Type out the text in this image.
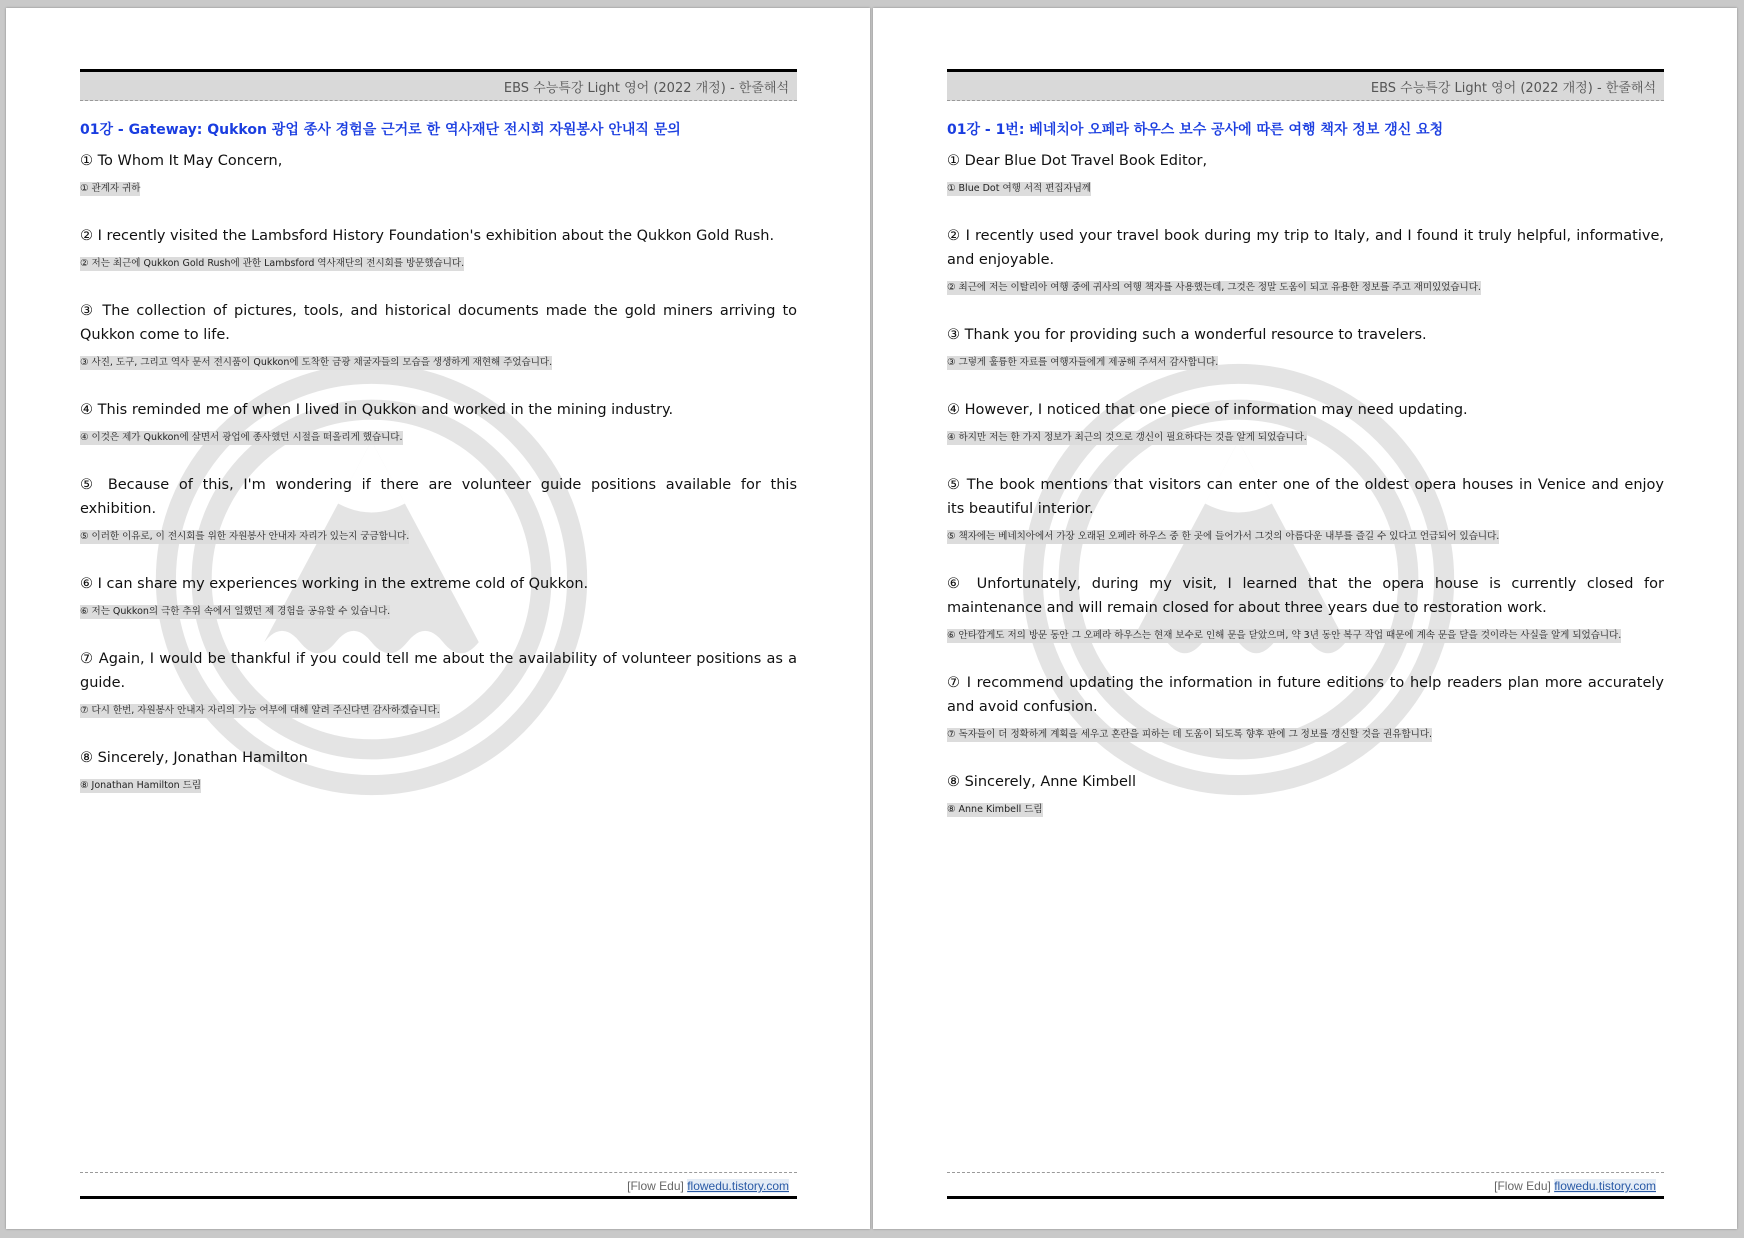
EBS 수능특강 Light 영어 (2022 개정) - 한줄해석
01강 - Gateway: Qukkon 광업 종사 경험을 근거로 한 역사재단 전시회 자원봉사 안내직 문의
① To Whom It May Concern,
① 관계자 귀하
② I recently visited the Lambsford History Foundation's exhibition about the Qukkon Gold Rush.
② 저는 최근에 Qukkon Gold Rush에 관한 Lambsford 역사재단의 전시회를 방문했습니다.
③ The collection of pictures, tools, and historical documents made the gold miners arriving to Qukkon come to life.
③ 사진, 도구, 그리고 역사 문서 전시품이 Qukkon에 도착한 금광 채굴자들의 모습을 생생하게 재현해 주었습니다.
④ This reminded me of when I lived in Qukkon and worked in the mining industry.
④ 이것은 제가 Qukkon에 살면서 광업에 종사했던 시절을 떠올리게 했습니다.
⑤ Because of this, I'm wondering if there are volunteer guide positions available for this exhibition.
⑤ 이러한 이유로, 이 전시회를 위한 자원봉사 안내자 자리가 있는지 궁금합니다.
⑥ I can share my experiences working in the extreme cold of Qukkon.
⑥ 저는 Qukkon의 극한 추위 속에서 일했던 제 경험을 공유할 수 있습니다.
⑦ Again, I would be thankful if you could tell me about the availability of volunteer positions as a guide.
⑦ 다시 한번, 자원봉사 안내자 자리의 가능 여부에 대해 알려 주신다면 감사하겠습니다.
⑧ Sincerely, Jonathan Hamilton
⑧ Jonathan Hamilton 드림
[Flow Edu] flowedu.tistory.com
EBS 수능특강 Light 영어 (2022 개정) - 한줄해석
01강 - 1번: 베네치아 오페라 하우스 보수 공사에 따른 여행 책자 정보 갱신 요청
① Dear Blue Dot Travel Book Editor,
① Blue Dot 여행 서적 편집자님께
② I recently used your travel book during my trip to Italy, and I found it truly helpful, informative, and enjoyable.
② 최근에 저는 이탈리아 여행 중에 귀사의 여행 책자를 사용했는데, 그것은 정말 도움이 되고 유용한 정보를 주고 재미있었습니다.
③ Thank you for providing such a wonderful resource to travelers.
③ 그렇게 훌륭한 자료를 여행자들에게 제공해 주셔서 감사합니다.
④ However, I noticed that one piece of information may need updating.
④ 하지만 저는 한 가지 정보가 최근의 것으로 갱신이 필요하다는 것을 알게 되었습니다.
⑤ The book mentions that visitors can enter one of the oldest opera houses in Venice and enjoy its beautiful interior.
⑤ 책자에는 베네치아에서 가장 오래된 오페라 하우스 중 한 곳에 들어가서 그것의 아름다운 내부를 즐길 수 있다고 언급되어 있습니다.
⑥ Unfortunately, during my visit, I learned that the opera house is currently closed for maintenance and will remain closed for about three years due to restoration work.
⑥ 안타깝게도 저의 방문 동안 그 오페라 하우스는 현재 보수로 인해 문을 닫았으며, 약 3년 동안 복구 작업 때문에 계속 문을 닫을 것이라는 사실을 알게 되었습니다.
⑦ I recommend updating the information in future editions to help readers plan more accurately and avoid confusion.
⑦ 독자들이 더 정확하게 계획을 세우고 혼란을 피하는 데 도움이 되도록 향후 판에 그 정보를 갱신할 것을 권유합니다.
⑧ Sincerely, Anne Kimbell
⑧ Anne Kimbell 드림
[Flow Edu] flowedu.tistory.com
